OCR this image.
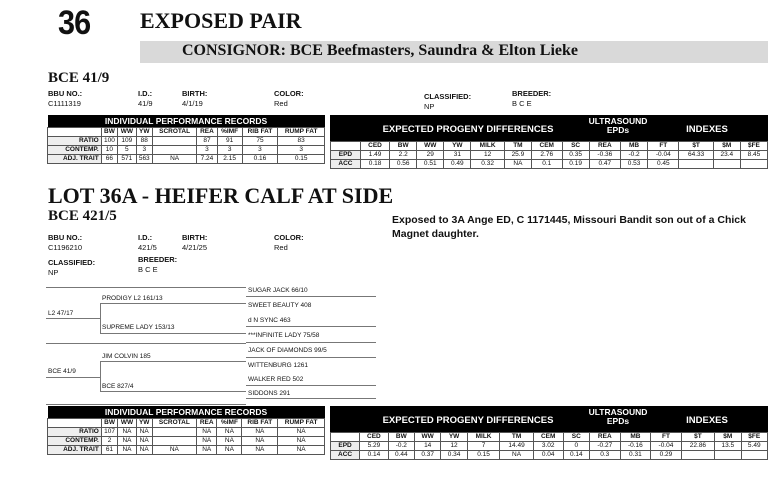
36 EXPOSED PAIR
CONSIGNOR: BCE Beefmasters, Saundra & Elton Lieke
BCE 41/9
BBU NO.:	I.D.:	BIRTH:	COLOR:	CLASSIFIED:	BREEDER:
C1111319	41/9	4/1/19	Red	NP	B C E
INDIVIDUAL PERFORMANCE RECORDS								
	BW	WW	YW	SCROTAL	REA	%IMF	RIB FAT	RUMP FAT
RATIO	100	109	88		87	91	75	83
CONTEMP.	10	5	3		3	3	3	3
ADJ. TRAIT	66	571	563	NA	7.24	2.15	0.16	0.15
EXPECTED PROGENY DIFFERENCES
ULTRASOUND EPDs	INDEXES
	CED	BW	WW	YW	MILK	TM	CEM	SC	REA	MB	FT	$T	$M	$FE
EPD	1.49	2.2	29	31	12	25.9	2.76	0.35	-0.36	-0.2	-0.04	64.33	23.4	8.45
ACC	0.18	0.56	0.51	0.49	0.32	NA	0.1	0.19	0.47	0.53	0.45			
LOT 36A - HEIFER CALF AT SIDE
BCE 421/5	Exposed to 3A Ange ED, C 1171445, Missouri Bandit son out of a Chick Magnet daughter.
BBU NO.:	I.D.:	BIRTH:	COLOR:
C1196210	421/5	4/21/25	Red
CLASSIFIED:	BREEDER:
NP	B C E
L2 47/17
PRODIGY L2 161/13
SUPREME LADY 153/13
SUGAR JACK 66/10
SWEET BEAUTY 408
d N SYNC 463
***INFINITE LADY 75/58
BCE 41/9
JIM COLVIN 185
BCE 827/4
JACK OF DIAMONDS 99/5
WITTENBURG 1261
WALKER RED 502
SIDDONS 291
INDIVIDUAL PERFORMANCE RECORDS								
	BW	WW	YW	SCROTAL	REA	%IMF	RIB FAT	RUMP FAT
RATIO	107	NA	NA		NA	NA	NA	NA
CONTEMP.	2	NA	NA		NA	NA	NA	NA
ADJ. TRAIT	61	NA	NA	NA	NA	NA	NA	NA
EXPECTED PROGENY DIFFERENCES
ULTRASOUND EPDs	INDEXES
	CED	BW	WW	YW	MILK	TM	CEM	SC	REA	MB	FT	$T	$M	$FE
EPD	5.29	-0.2	14	12	7	14.49	3.02	0	-0.27	-0.16	-0.04	22.86	13.5	5.49
ACC	0.14	0.44	0.37	0.34	0.15	NA	0.04	0.14	0.3	0.31	0.29			
